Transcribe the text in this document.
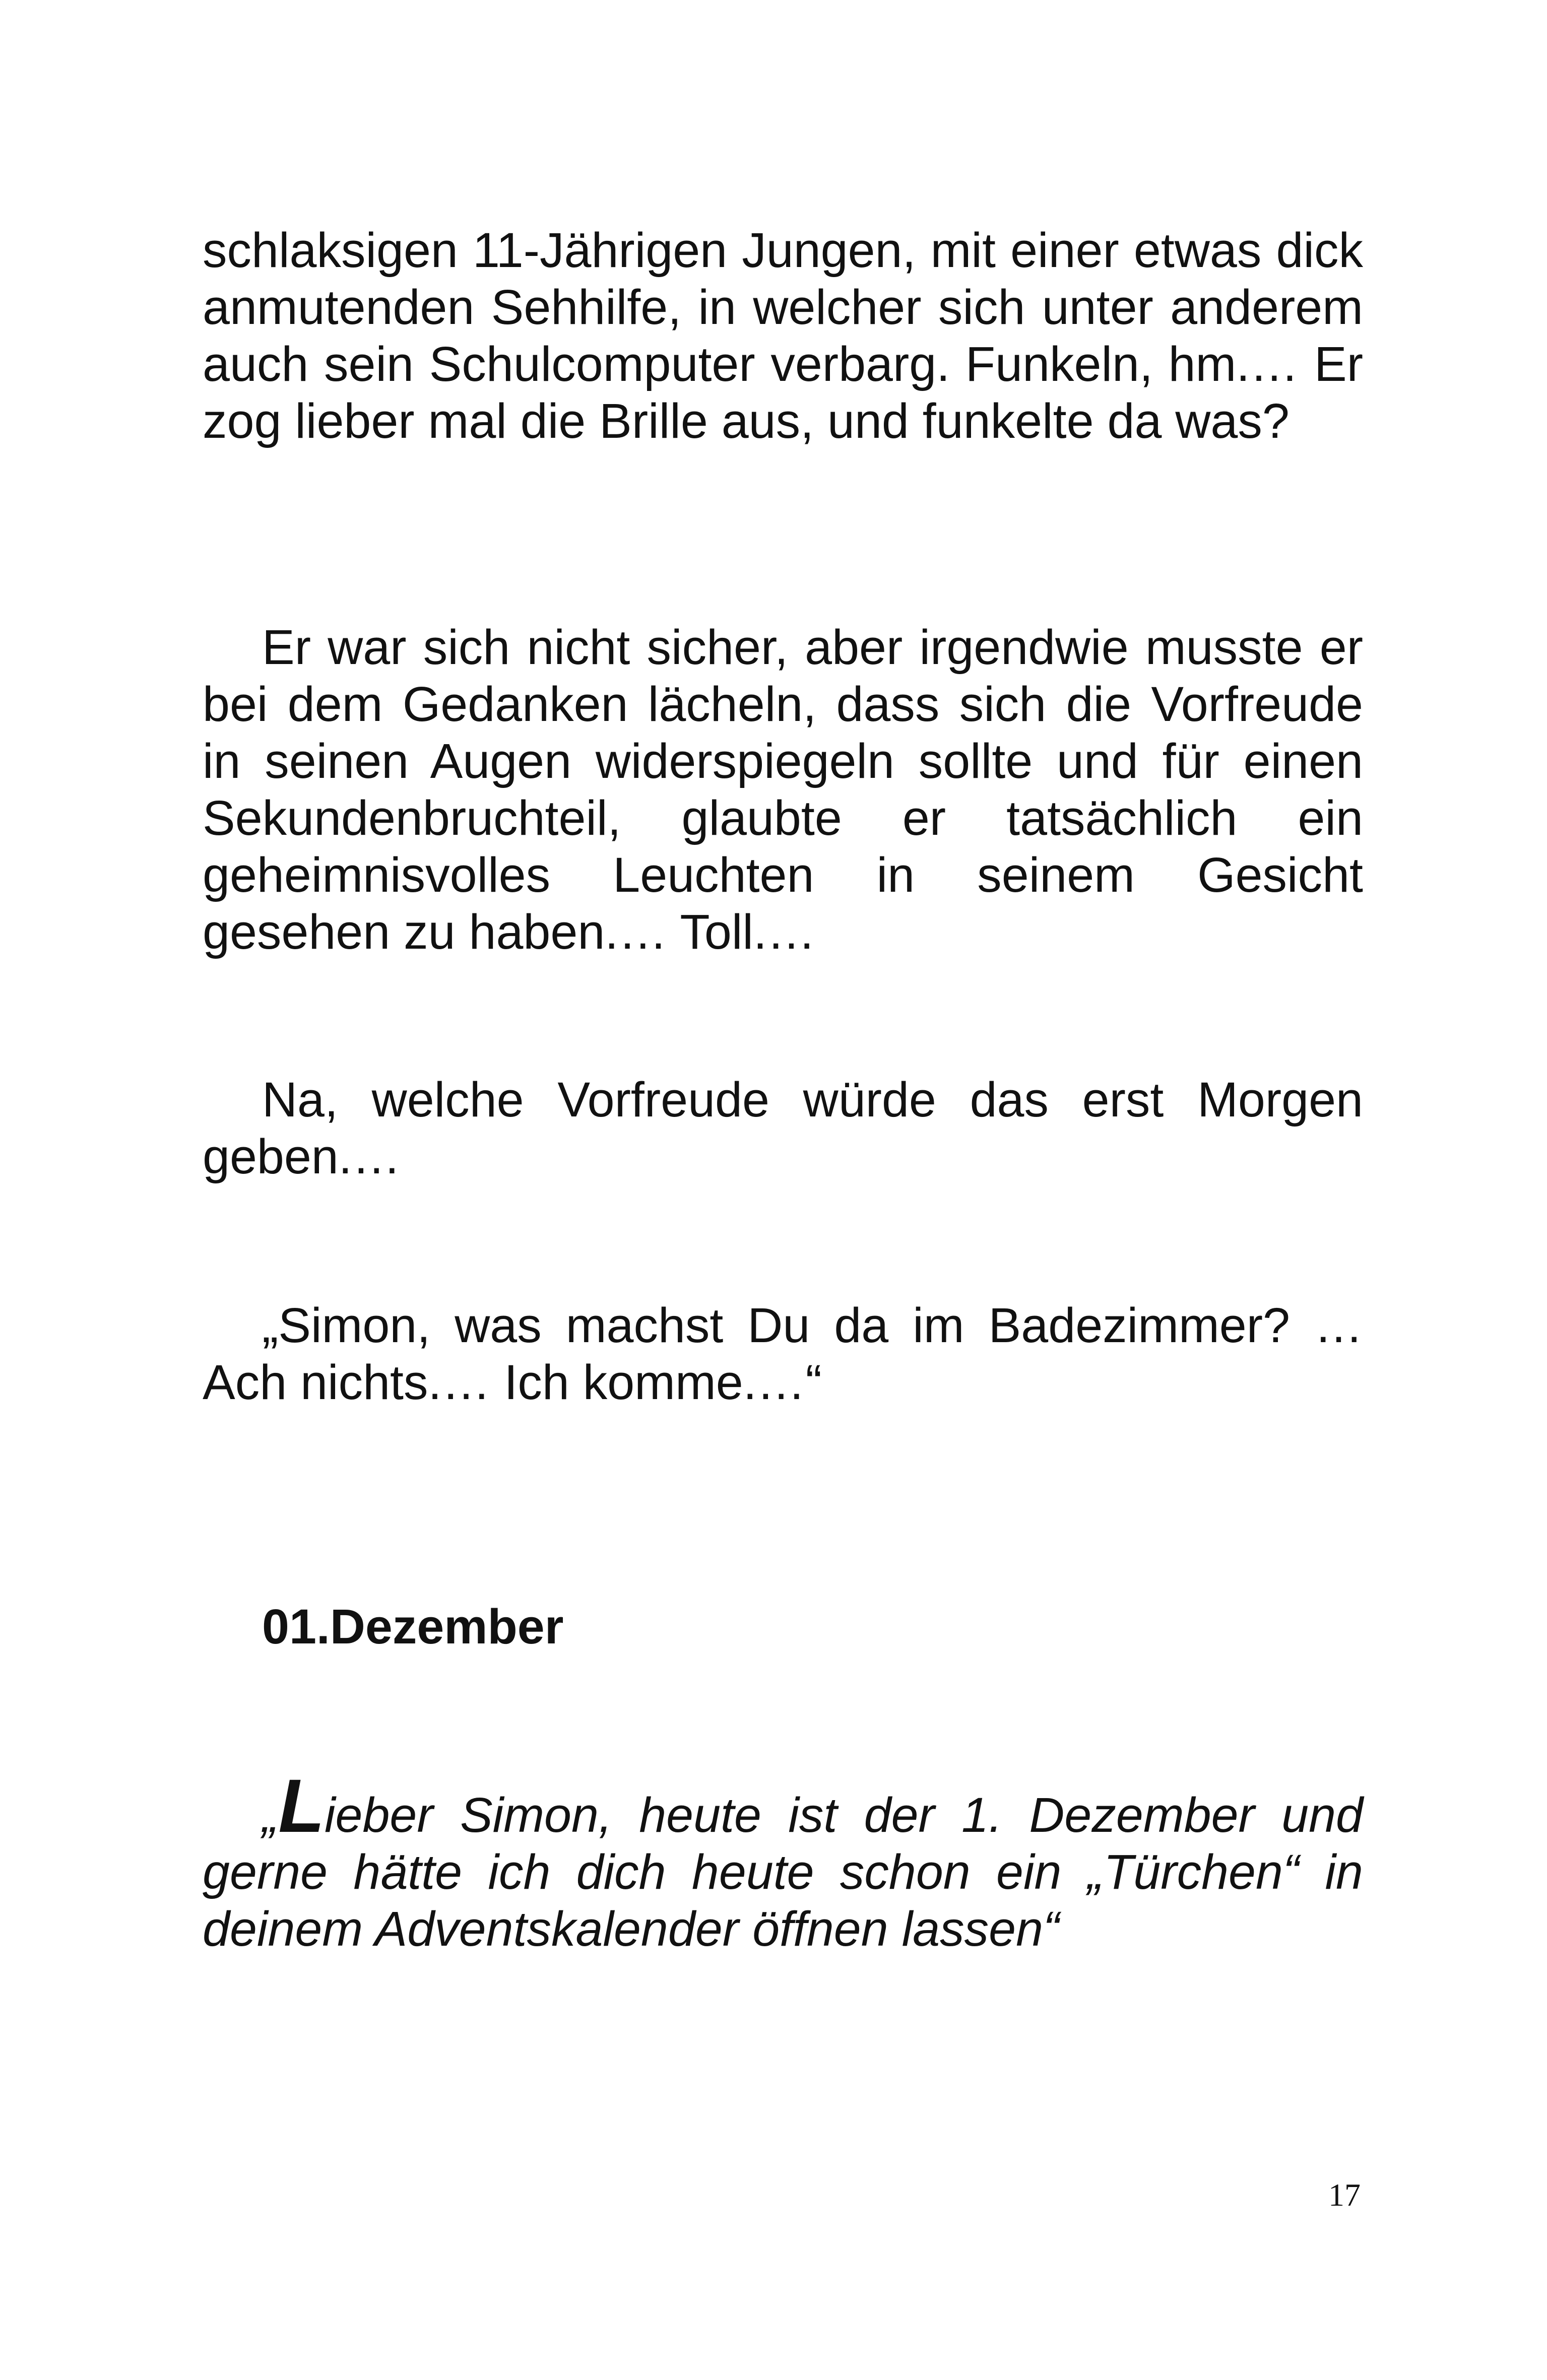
schlaksigen 11-Jährigen Jungen, mit einer etwas dick anmutenden Sehhilfe, in welcher sich unter anderem auch sein Schulcomputer verbarg. Funkeln, hm.… Er zog lieber mal die Brille aus, und funkelte da was?

Er war sich nicht sicher, aber irgendwie musste er bei dem Gedanken lächeln, dass sich die Vorfreude in seinen Augen widerspiegeln sollte und für einen Sekundenbruchteil, glaubte er tatsächlich ein geheimnisvolles Leuchten in seinem Gesicht gesehen zu haben.… Toll.…

Na, welche Vorfreude würde das erst Morgen geben.…

„Simon, was machst Du da im Badezimmer? … Ach nichts.… Ich komme.…“

01.Dezember

„Lieber Simon, heute ist der 1. Dezember und gerne hätte ich dich heute schon ein „Türchen“ in deinem Adventskalender öffnen lassen“

17
